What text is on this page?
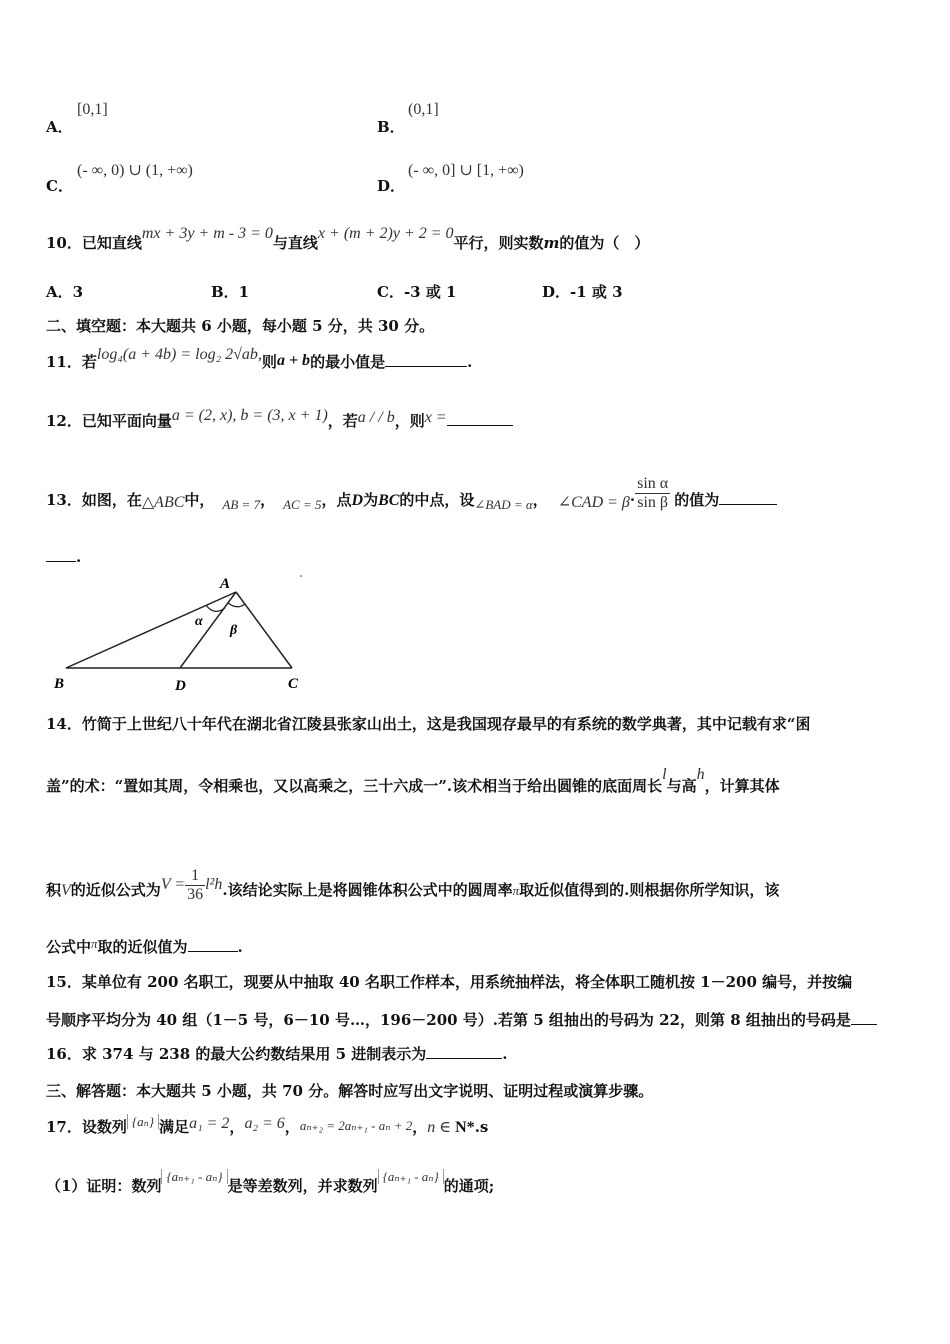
A．
[0,1]
B．
(0,1]
C．
(- ∞, 0) ∪ (1, +∞)
D．
(- ∞, 0] ∪ [1, +∞)
10．已知直线mx + 3y + m - 3 = 0与直线x + (m + 2)y + 2 = 0平行，则实数m的值为（　）
A．3	B．1	C．-3 或 1	D．-1 或 3
二、填空题：本大题共 6 小题，每小题 5 分，共 30 分。
11．若log₄(a + 4b) = log₂ 2√ab,则a + b的最小值是	.
12．已知平面向量a = (2, x), b = (3, x + 1)，若a / / b，则x =
13．如图，在△ABC中， AB = 7， AC = 5，点D为BC的中点，设∠BAD = α， ∠CAD = $\beta\cdot \frac{\text{sin α}}{\text{sin β}}$ 的值为
.
A
B	D	C
α
β
14．竹简于上世纪八十年代在湖北省江陵县张家山出土，这是我国现存最早的有系统的数学典著，其中记载有求“囷
盖”的术：“置如其周，令相乘也，又以高乘之，三十六成一”.该术相当于给出圆锥的底面周长l与高h，计算其体
积V的近似公式为$V = \frac{1}{36} l^2h$.该结论实际上是将圆锥体积公式中的圆周率π取近似值得到的.则根据你所学知识，该
公式中π取的近似值为	.
15．某单位有 200 名职工，现要从中抽取 40 名职工作样本，用系统抽样法，将全体职工随机按 1－200 编号，并按编
号顺序平均分为 40 组（1－5 号，6－10 号…，196－200 号）.若第 5 组抽出的号码为 22，则第 8 组抽出的号码是
16．求 374 与 238 的最大公约数结果用 5 进制表示为	.
三、解答题：本大题共 5 小题，共 70 分。解答时应写出文字说明、证明过程或演算步骤。
17．设数列 {aₙ} 满足a₁ = 2，a₂ = 6，aₙ₊₂ = 2aₙ₊₁ - aₙ + 2，n ∈ N*.s
（1）证明：数列{aₙ₊₁ - aₙ}是等差数列，并求数列{aₙ₊₁ - aₙ}的通项;
